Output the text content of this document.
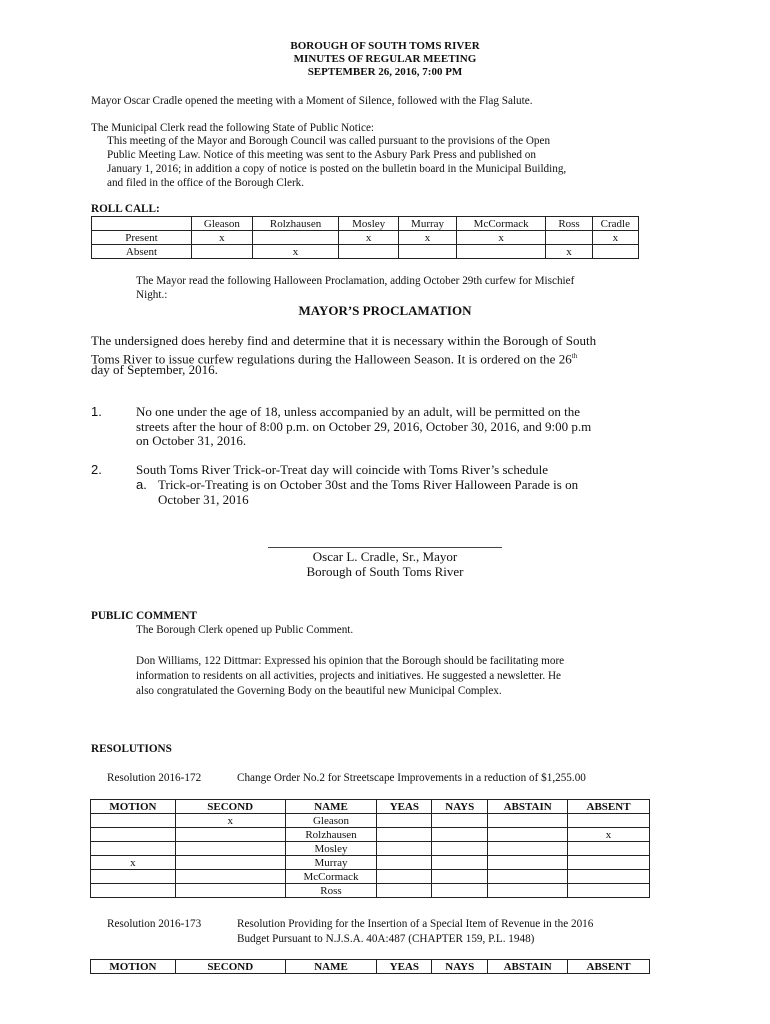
BOROUGH OF SOUTH TOMS RIVER
MINUTES OF REGULAR MEETING
SEPTEMBER 26, 2016, 7:00 PM
Mayor Oscar Cradle opened the meeting with a Moment of Silence, followed with the Flag Salute.
The Municipal Clerk read the following State of Public Notice:
This meeting of the Mayor and Borough Council was called pursuant to the provisions of the Open
Public Meeting Law. Notice of this meeting was sent to the Asbury Park Press and published on
January 1, 2016; in addition a copy of notice is posted on the bulletin board in the Municipal Building,
and filed in the office of the Borough Clerk.
ROLL CALL:
	Gleason	Rolzhausen	Mosley	Murray	McCormack	Ross	Cradle
Present	x		x	x	x		x
Absent		x				x	
The Mayor read the following Halloween Proclamation, adding October 29th curfew for Mischief
Night.:
MAYOR’S PROCLAMATION
The undersigned does hereby find and determine that it is necessary within the Borough of South
Toms River to issue curfew regulations during the Halloween Season. It is ordered on the 26th
day of September, 2016.
1.	No one under the age of 18, unless accompanied by an adult, will be permitted on the
streets after the hour of 8:00 p.m. on October 29, 2016, October 30, 2016, and 9:00 p.m
on October 31, 2016.
2.	South Toms River Trick-or-Treat day will coincide with Toms River’s schedule
a. Trick-or-Treating is on October 30st and the Toms River Halloween Parade is on
October 31, 2016
Oscar L. Cradle, Sr., Mayor
Borough of South Toms River
PUBLIC COMMENT
The Borough Clerk opened up Public Comment.
Don Williams, 122 Dittmar: Expressed his opinion that the Borough should be facilitating more
information to residents on all activities, projects and initiatives. He suggested a newsletter. He
also congratulated the Governing Body on the beautiful new Municipal Complex.
RESOLUTIONS
Resolution 2016-172	Change Order No.2 for Streetscape Improvements in a reduction of $1,255.00
MOTION	SECOND	NAME	YEAS	NAYS	ABSTAIN	ABSENT
	x	Gleason				
		Rolzhausen				x
		Mosley				
x		Murray				
		McCormack				
		Ross				
Resolution 2016-173	Resolution Providing for the Insertion of a Special Item of Revenue in the 2016
Budget Pursuant to N.J.S.A. 40A:487 (CHAPTER 159, P.L. 1948)
MOTION	SECOND	NAME	YEAS	NAYS	ABSTAIN	ABSENT
